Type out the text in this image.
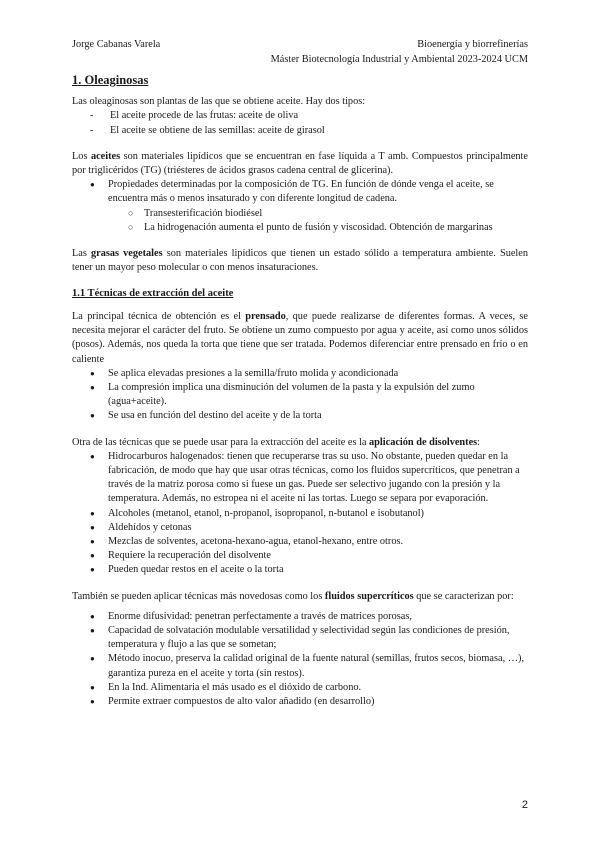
Jorge Cabanas Varela	Bioenergía y biorrefinerías
Máster Biotecnología Industrial y Ambiental 2023-2024 UCM
1. Oleaginosas

Las oleaginosas son plantas de las que se obtiene aceite. Hay dos tipos:

- El aceite procede de las frutas: aceite de oliva
- El aceite se obtiene de las semillas: aceite de girasol

Los aceites son materiales lipídicos que se encuentran en fase líquida a T amb. Compuestos principalmente por triglicéridos (TG) (triésteres de ácidos grasos cadena central de glicerina).

● Propiedades determinadas por la composición de TG. En función de dónde venga el aceite, se encuentra más o menos insaturado y con diferente longitud de cadena.
○ Transesterificación biodiésel
○ La hidrogenación aumenta el punto de fusión y viscosidad. Obtención de margarinas

Las grasas vegetales son materiales lipídicos que tienen un estado sólido a temperatura ambiente. Suelen tener un mayor peso molecular o con menos insaturaciones.

1.1 Técnicas de extracción del aceite

La principal técnica de obtención es el prensado, que puede realizarse de diferentes formas. A veces, se necesita mejorar el carácter del fruto. Se obtiene un zumo compuesto por agua y aceite, así como unos sólidos (posos). Además, nos queda la torta que tiene que ser tratada. Podemos diferenciar entre prensado en frío o en caliente

● Se aplica elevadas presiones a la semilla/fruto molida y acondicionada
● La compresión implica una disminución del volumen de la pasta y la expulsión del zumo (agua+aceite).
● Se usa en función del destino del aceite y de la torta

Otra de las técnicas que se puede usar para la extracción del aceite es la aplicación de disolventes:

● Hidrocarburos halogenados: tienen que recuperarse tras su uso. No obstante, pueden quedar en la fabricación, de modo que hay que usar otras técnicas, como los fluidos supercríticos, que penetran a través de la matriz porosa como si fuese un gas. Puede ser selectivo jugando con la presión y la temperatura. Además, no estropea ni el aceite ni las tortas. Luego se separa por evaporación.
● Alcoholes (metanol, etanol, n-propanol, isopropanol, n-butanol e isobutanol)
● Aldehídos y cetonas
● Mezclas de solventes, acetona-hexano-agua, etanol-hexano, entre otros.
● Requiere la recuperación del disolvente
● Pueden quedar restos en el aceite o la torta

También se pueden aplicar técnicas más novedosas como los fluidos supercríticos que se caracterizan por:

● Enorme difusividad: penetran perfectamente a través de matrices porosas,
● Capacidad de solvatación modulable versatilidad y selectividad según las condiciones de presión, temperatura y flujo a las que se sometan;
● Método inocuo, preserva la calidad original de la fuente natural (semillas, frutos secos, biomasa, …), garantiza pureza en el aceite y torta (sin restos).
● En la Ind. Alimentaria el más usado es el dióxido de carbono.
● Permite extraer compuestos de alto valor añadido (en desarrollo)
2
